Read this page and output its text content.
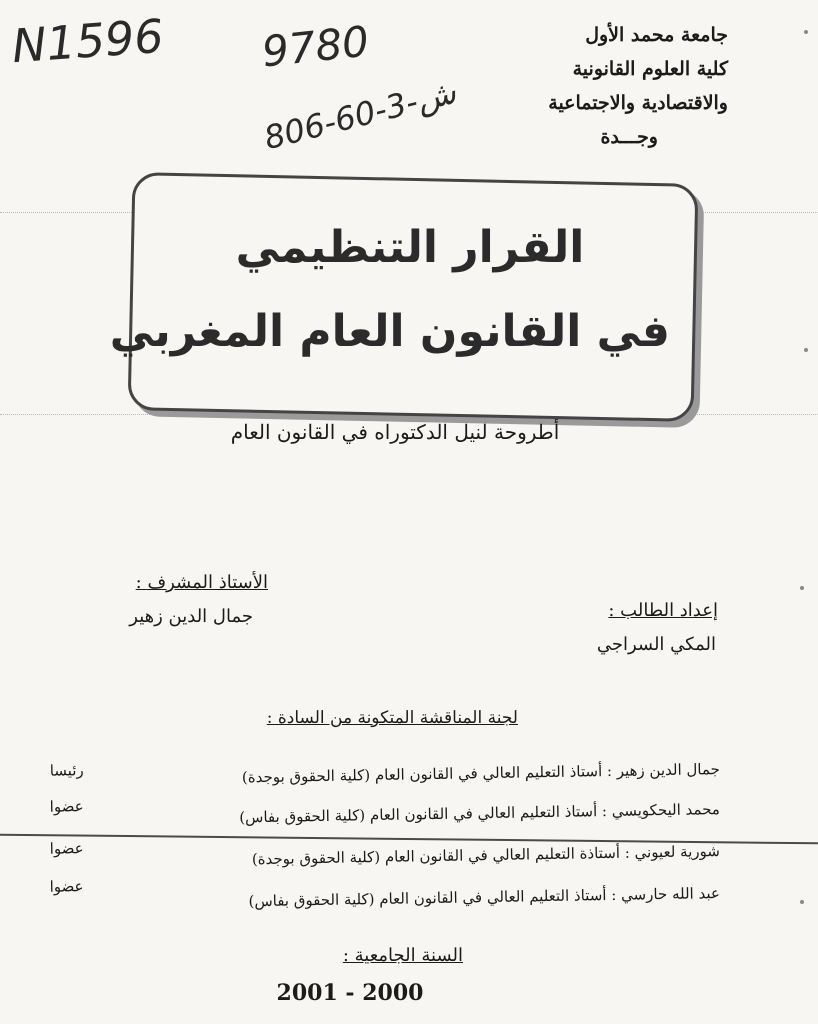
N1596 9780
806-60-ش-3
جامعة محمد الأول
كلية العلوم القانونية
والاقتصادية والاجتماعية
وجـــدة
القرار التنظيمي
في القانون العام المغربي
أطروحة لنيل الدكتوراه في القانون العام
الأستاذ المشرف :
جمال الدين زهير	إعداد الطالب :
المكي السراجي
لجنة المناقشة المتكونة من السادة :
جمال الدين زهير : أستاذ التعليم العالي في القانون العام (كلية الحقوق بوجدة)
رئيسا
محمد اليحكويسي : أستاذ التعليم العالي في القانون العام (كلية الحقوق بفاس)
عضوا
شورية لعيوني : أستاذة التعليم العالي في القانون العام (كلية الحقوق بوجدة)
عضوا
عبد الله حارسي : أستاذ التعليم العالي في القانون العام (كلية الحقوق بفاس)
عضوا
السنة الجامعية :
2001 - 2000
